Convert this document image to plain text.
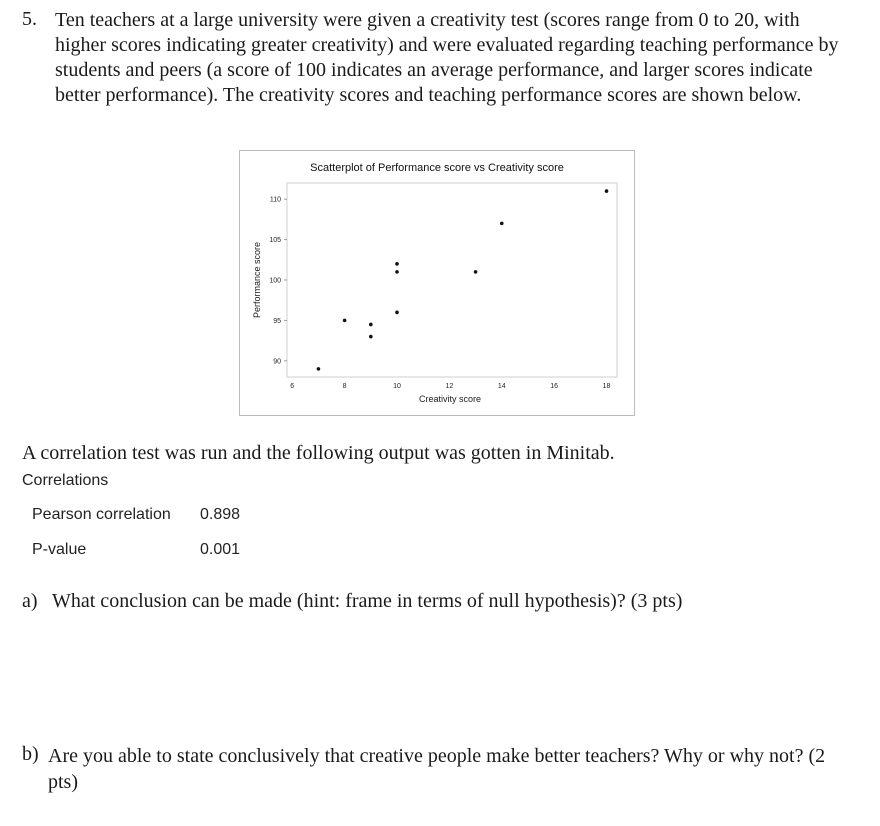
5. Ten teachers at a large university were given a creativity test (scores range from 0 to 20, with higher scores indicating greater creativity) and were evaluated regarding teaching performance by students and peers (a score of 100 indicates an average performance, and larger scores indicate better performance). The creativity scores and teaching performance scores are shown below.

Scatterplot of Performance score vs Creativity score
90
95
100
105
110
6	8	10	12	14	16	18
Creativity score
Performance score

A correlation test was run and the following output was gotten in Minitab.

Correlations
Pearson correlation 0.898
P-value	0.001
a) What conclusion can be made (hint: frame in terms of null hypothesis)? (3 pts)
b) Are you able to state conclusively that creative people make better teachers? Why or why not? (2 pts)
